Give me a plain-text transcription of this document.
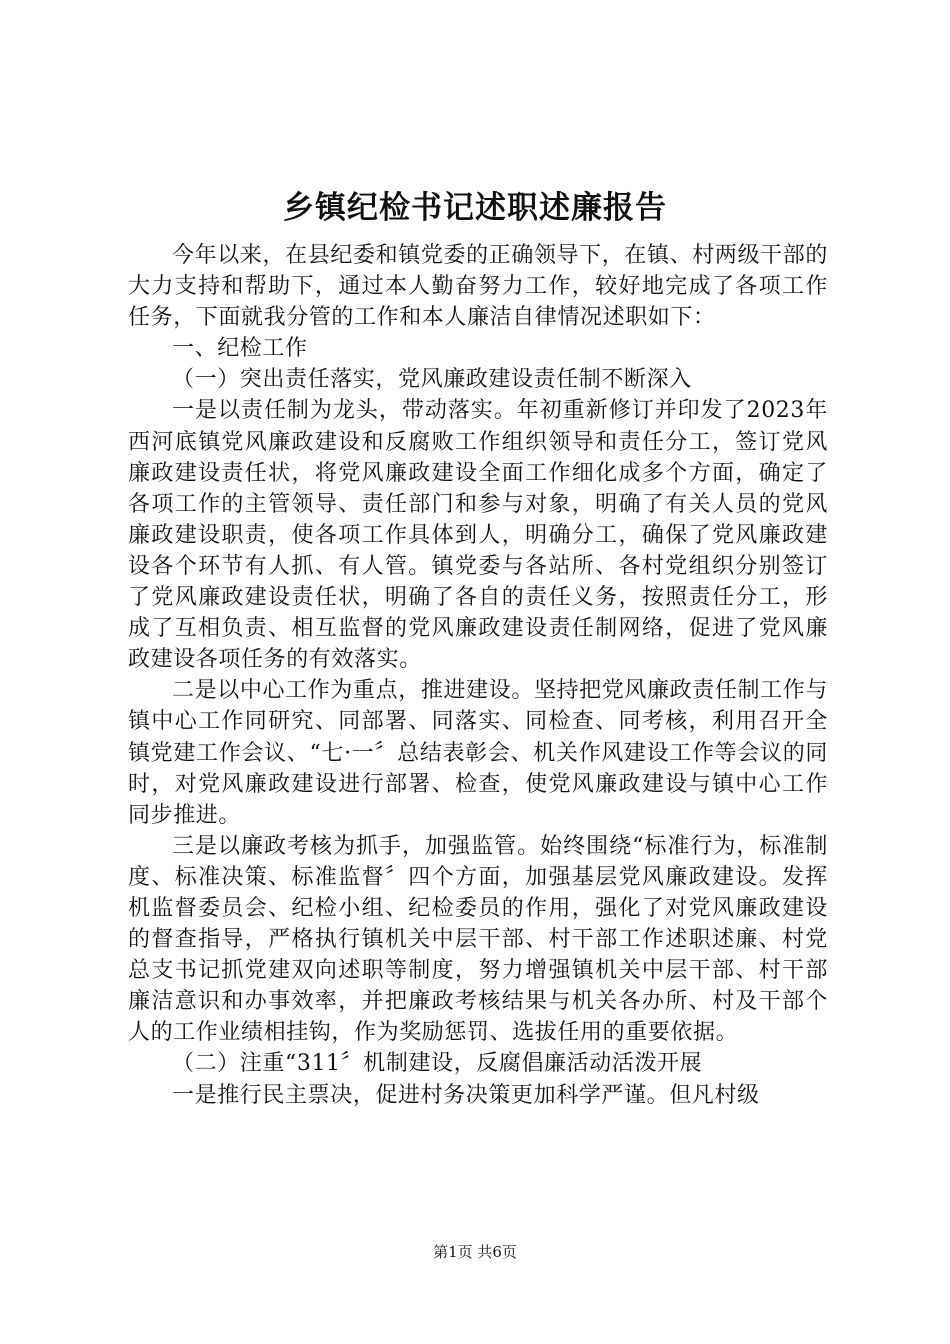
乡镇纪检书记述职述廉报告

今年以来，在县纪委和镇党委的正确领导下，在镇、村两级干部的大力支持和帮助下，通过本人勤奋努力工作，较好地完成了各项工作任务，下面就我分管的工作和本人廉洁自律情况述职如下：

一、纪检工作

（一）突出责任落实，党风廉政建设责任制不断深入

一是以责任制为龙头，带动落实。年初重新修订并印发了2023年西河底镇党风廉政建设和反腐败工作组织领导和责任分工，签订党风廉政建设责任状，将党风廉政建设全面工作细化成多个方面，确定了各项工作的主管领导、责任部门和参与对象，明确了有关人员的党风廉政建设职责，使各项工作具体到人，明确分工，确保了党风廉政建设各个环节有人抓、有人管。镇党委与各站所、各村党组织分别签订了党风廉政建设责任状，明确了各自的责任义务，按照责任分工，形成了互相负责、相互监督的党风廉政建设责任制网络，促进了党风廉政建设各项任务的有效落实。

二是以中心工作为重点，推进建设。坚持把党风廉政责任制工作与镇中心工作同研究、同部署、同落实、同检查、同考核，利用召开全镇党建工作会议、“七·一〞总结表彰会、机关作风建设工作等会议的同时，对党风廉政建设进行部署、检查，使党风廉政建设与镇中心工作同步推进。

三是以廉政考核为抓手，加强监管。始终围绕“标准行为，标准制度、标准决策、标准监督〞四个方面，加强基层党风廉政建设。发挥机监督委员会、纪检小组、纪检委员的作用，强化了对党风廉政建设的督查指导，严格执行镇机关中层干部、村干部工作述职述廉、村党总支书记抓党建双向述职等制度，努力增强镇机关中层干部、村干部廉洁意识和办事效率，并把廉政考核结果与机关各办所、村及干部个人的工作业绩相挂钩，作为奖励惩罚、选拔任用的重要依据。

（二）注重“311〞机制建设，反腐倡廉活动活泼开展

一是推行民主票决，促进村务决策更加科学严谨。但凡村级

第1页 共6页
